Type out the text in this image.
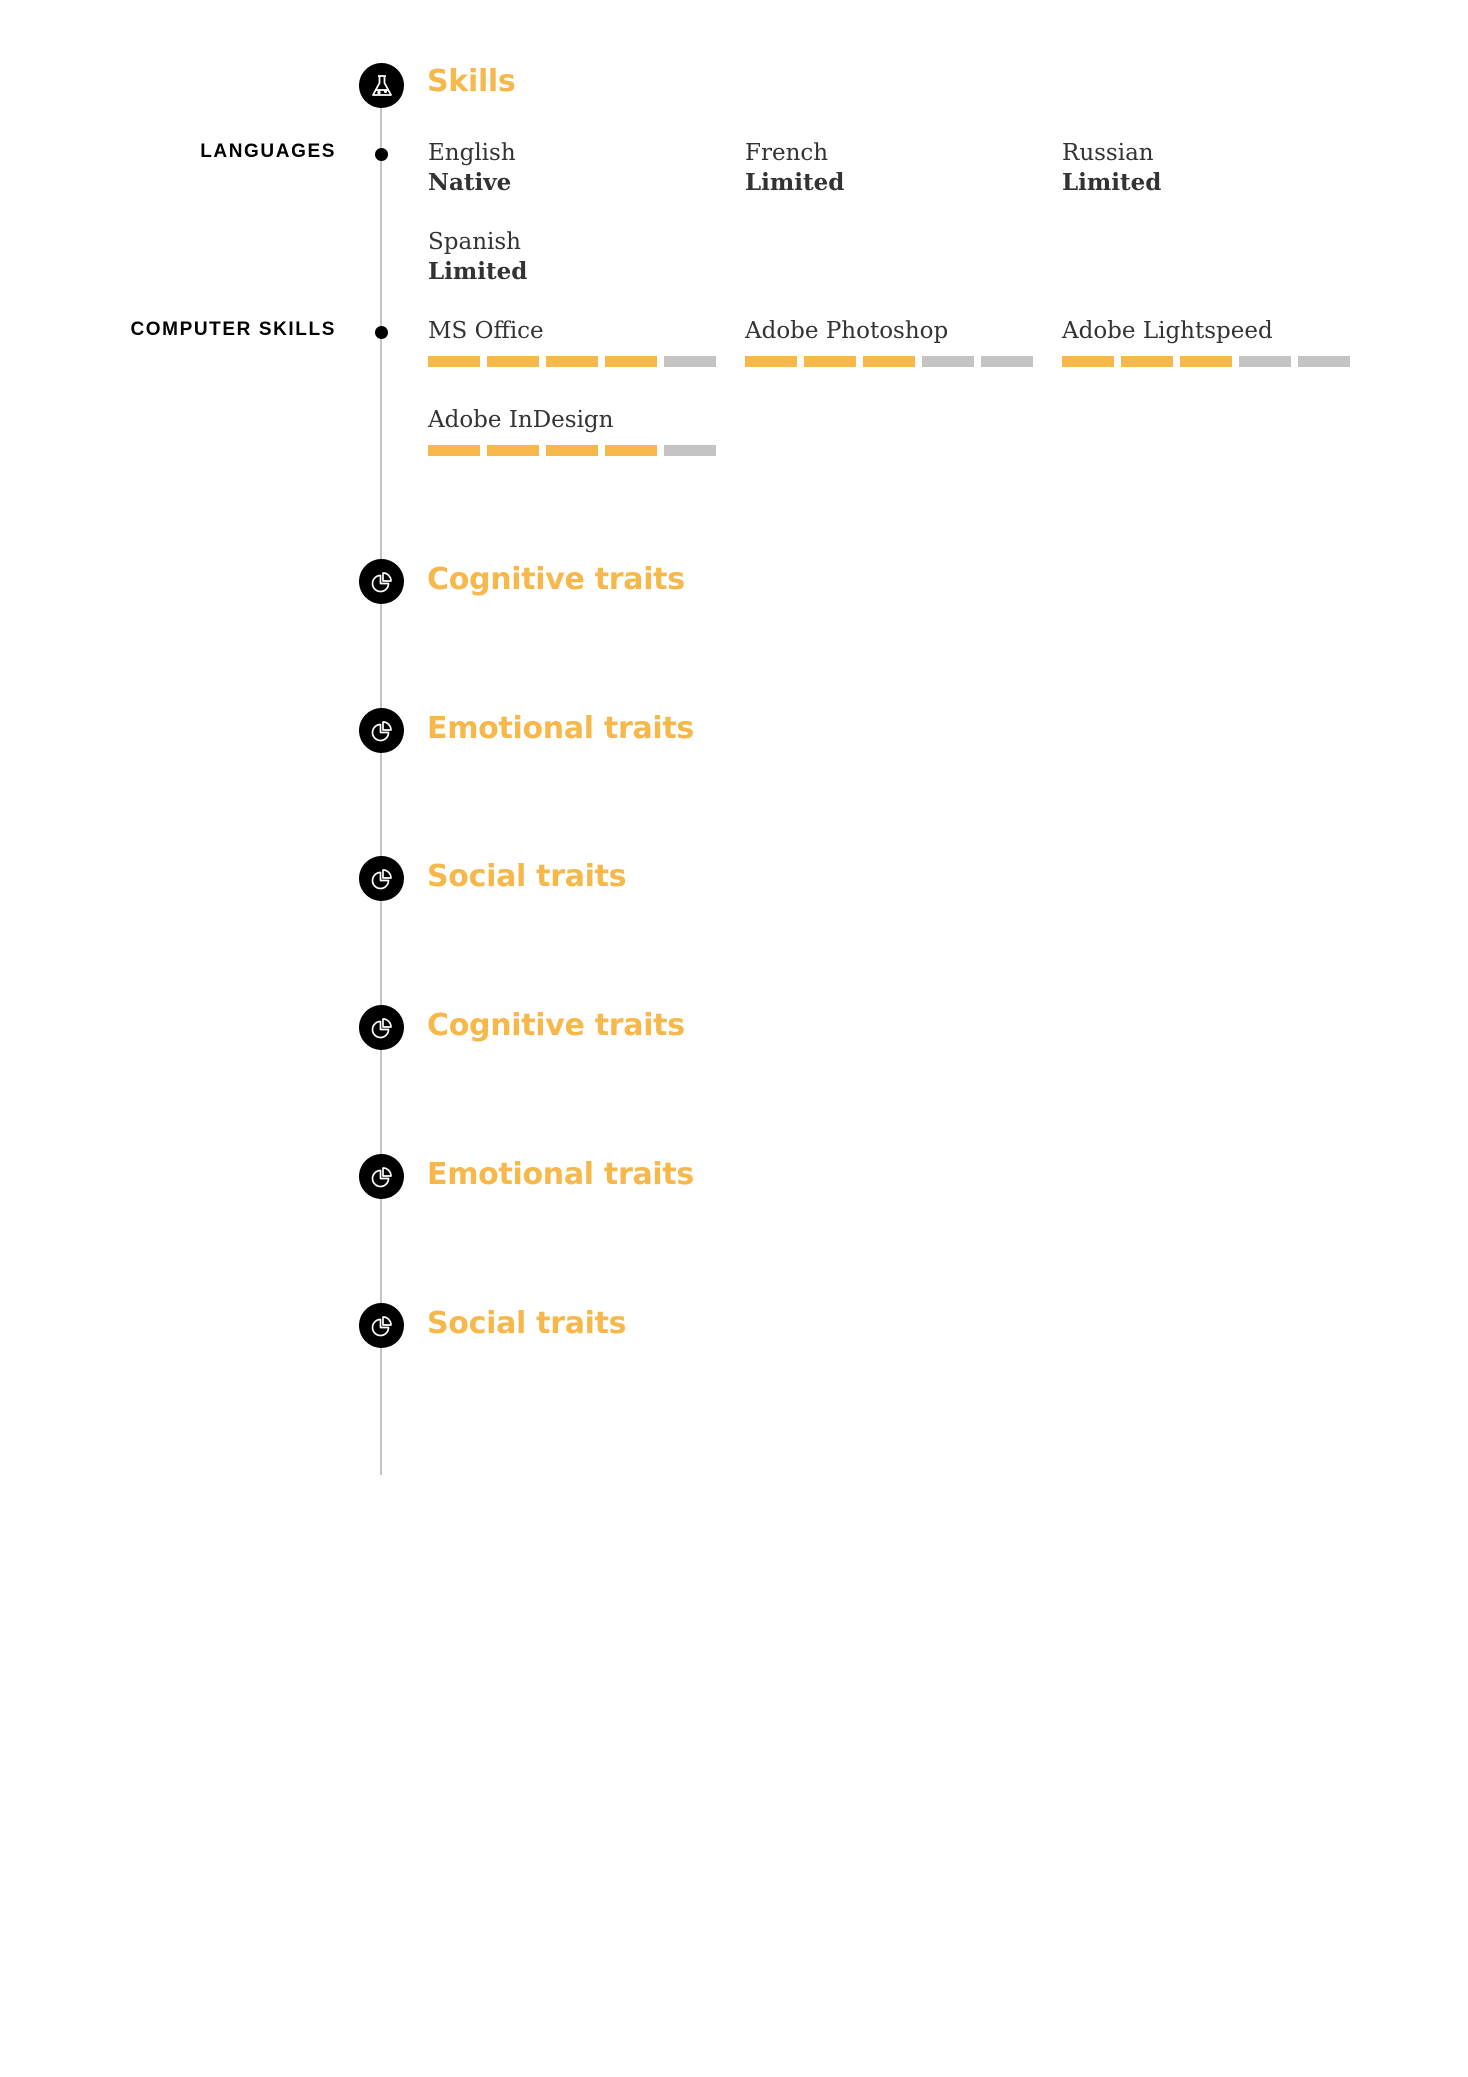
Skills
LANGUAGES	English
Native
French
Limited
Russian
Limited
Spanish
Limited
COMPUTER SKILLS	MS Office	Adobe Photoshop	Adobe Lightspeed
Adobe InDesign
Cognitive traits
Emotional traits
Social traits
Cognitive traits
Emotional traits
Social traits
